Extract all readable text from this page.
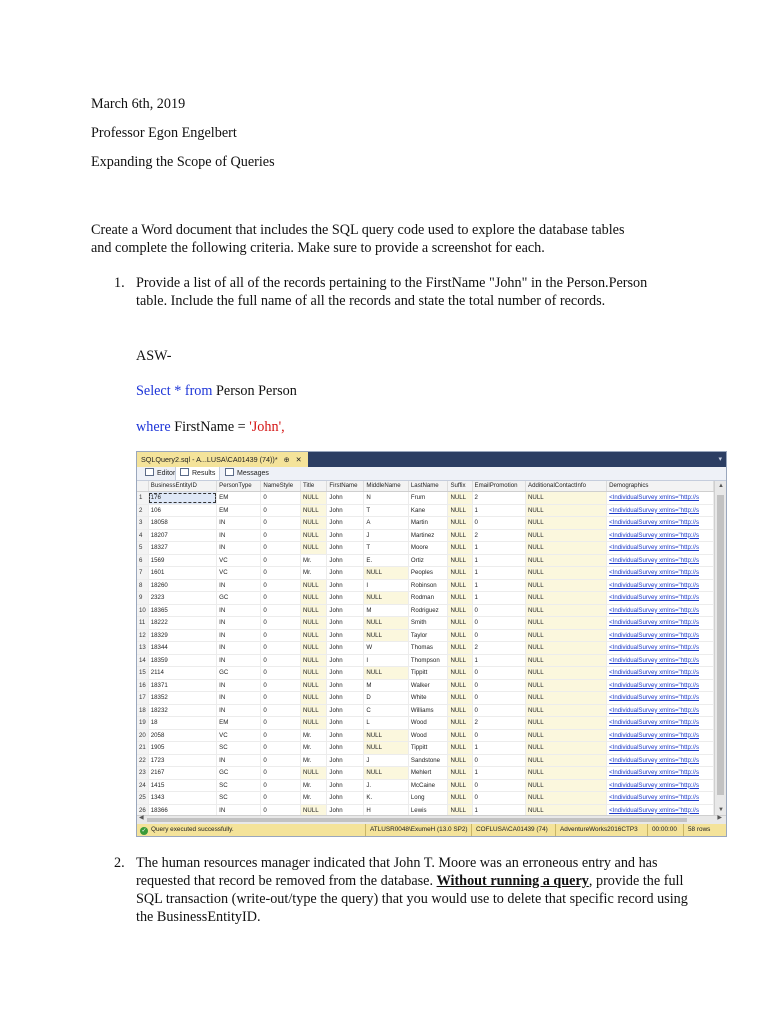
March 6th, 2019
Professor Egon Engelbert
Expanding the Scope of Queries
Create a Word document that includes the SQL query code used to explore the database tables
and complete the following criteria. Make sure to provide a screenshot for each.
1. Provide a list of all of the records pertaining to the FirstName "John" in the Person.Person table. Include the full name of all the records and state the total number of records.
ASW-
Select * from Person Person
where FirstName = 'John',
SQLQuery2.sql - A...LUSA\CA01439 (74))* ⊕ ✕	▾
Editor	Results	Messages
	BusinessEntityID	PersonType	NameStyle	Title	FirstName	MiddleName	LastName	Suffix	EmailPromotion	AdditionalContactInfo	Demographics
1	176	EM	0	NULL	John	N	Frum	NULL	2	NULL	<IndividualSurvey xmlns="http://s
2	106	EM	0	NULL	John	T	Kane	NULL	1	NULL	<IndividualSurvey xmlns="http://s
3	18058	IN	0	NULL	John	A	Martin	NULL	0	NULL	<IndividualSurvey xmlns="http://s
4	18207	IN	0	NULL	John	J	Martinez	NULL	2	NULL	<IndividualSurvey xmlns="http://s
5	18327	IN	0	NULL	John	T	Moore	NULL	1	NULL	<IndividualSurvey xmlns="http://s
6	1569	VC	0	Mr.	John	E.	Ortiz	NULL	1	NULL	<IndividualSurvey xmlns="http://s
7	1601	VC	0	Mr.	John	NULL	Peoples	NULL	1	NULL	<IndividualSurvey xmlns="http://s
8	18260	IN	0	NULL	John	I	Robinson	NULL	1	NULL	<IndividualSurvey xmlns="http://s
9	2323	GC	0	NULL	John	NULL	Rodman	NULL	1	NULL	<IndividualSurvey xmlns="http://s
10	18365	IN	0	NULL	John	M	Rodriguez	NULL	0	NULL	<IndividualSurvey xmlns="http://s
11	18222	IN	0	NULL	John	NULL	Smith	NULL	0	NULL	<IndividualSurvey xmlns="http://s
12	18329	IN	0	NULL	John	NULL	Taylor	NULL	0	NULL	<IndividualSurvey xmlns="http://s
13	18344	IN	0	NULL	John	W	Thomas	NULL	2	NULL	<IndividualSurvey xmlns="http://s
14	18359	IN	0	NULL	John	I	Thompson	NULL	1	NULL	<IndividualSurvey xmlns="http://s
15	2114	GC	0	NULL	John	NULL	Tippitt	NULL	0	NULL	<IndividualSurvey xmlns="http://s
16	18371	IN	0	NULL	John	M	Walker	NULL	0	NULL	<IndividualSurvey xmlns="http://s
17	18352	IN	0	NULL	John	D	White	NULL	0	NULL	<IndividualSurvey xmlns="http://s
18	18232	IN	0	NULL	John	C	Williams	NULL	0	NULL	<IndividualSurvey xmlns="http://s
19	18	EM	0	NULL	John	L	Wood	NULL	2	NULL	<IndividualSurvey xmlns="http://s
20	2058	VC	0	Mr.	John	NULL	Wood	NULL	0	NULL	<IndividualSurvey xmlns="http://s
21	1905	SC	0	Mr.	John	NULL	Tippitt	NULL	1	NULL	<IndividualSurvey xmlns="http://s
22	1723	IN	0	Mr.	John	J	Sandstone	NULL	0	NULL	<IndividualSurvey xmlns="http://s
23	2167	GC	0	NULL	John	NULL	Mehlert	NULL	1	NULL	<IndividualSurvey xmlns="http://s
24	1415	SC	0	Mr.	John	J.	McCaine	NULL	0	NULL	<IndividualSurvey xmlns="http://s
25	1343	SC	0	Mr.	John	K.	Long	NULL	0	NULL	<IndividualSurvey xmlns="http://s
26	18366	IN	0	NULL	John	H	Lewis	NULL	1	NULL	<IndividualSurvey xmlns="http://s
▲
▼
◀	▶
✓ Query executed successfully.	ATLUSR0048\ExumeH (13.0 SP2)	COFLUSA\CA01439 (74)	AdventureWorks2016CTP3	00:00:00	58 rows
2. The human resources manager indicated that John T. Moore was an erroneous entry and has requested that record be removed from the database. Without running a query, provide the full SQL transaction (write-out/type the query) that you would use to delete that specific record using the BusinessEntityID.
